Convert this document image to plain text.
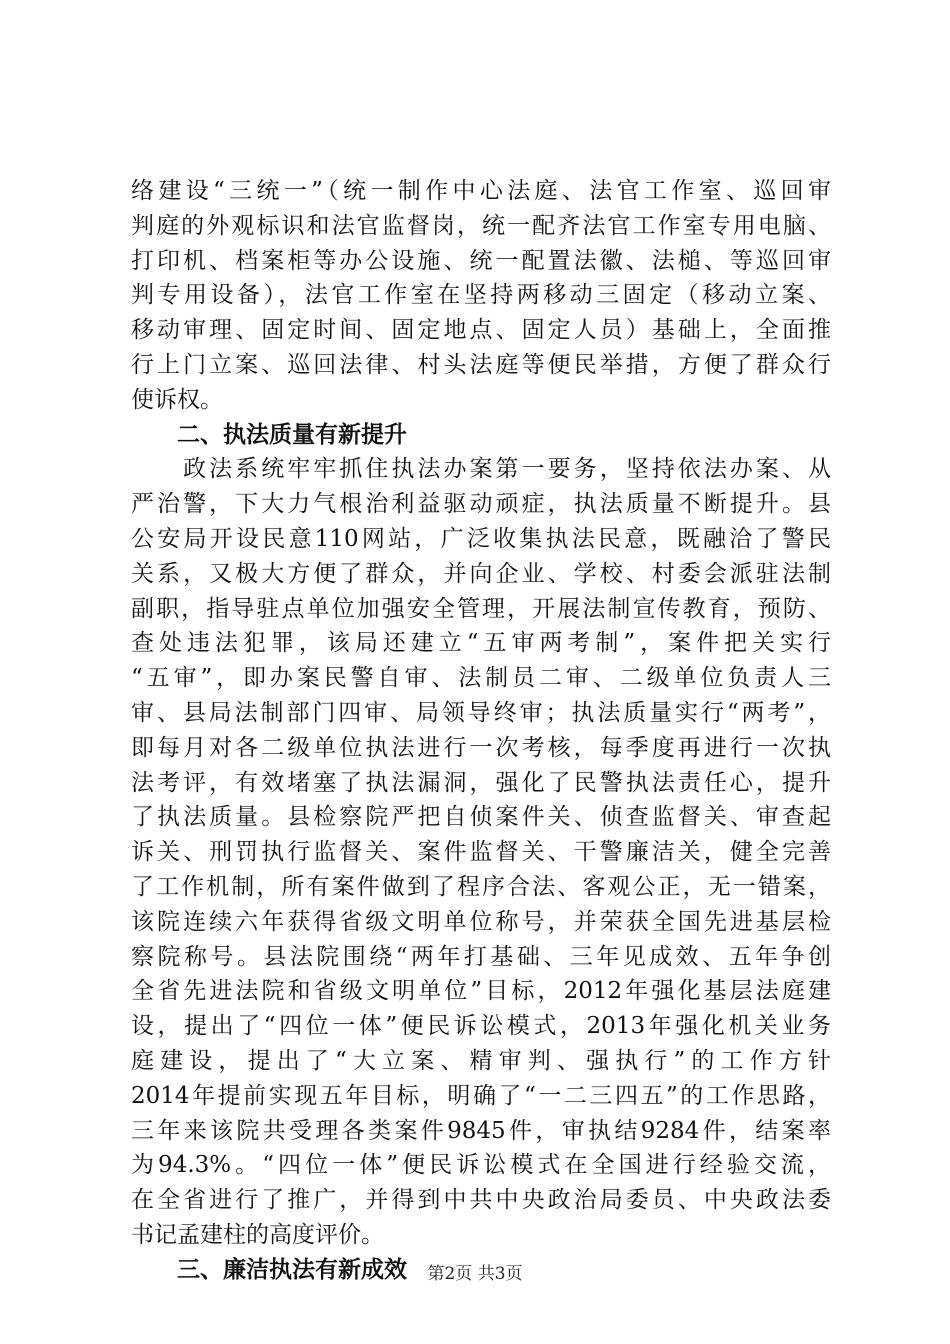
络建设“三统一”（统一制作中心法庭、法官工作室、巡回审
判庭的外观标识和法官监督岗，统一配齐法官工作室专用电脑、
打印机、档案柜等办公设施、统一配置法徽、法槌、等巡回审
判专用设备），法官工作室在坚持两移动三固定（移动立案、
移动审理、固定时间、固定地点、固定人员）基础上，全面推
行上门立案、巡回法律、村头法庭等便民举措，方便了群众行
使诉权。
二、执法质量有新提升
　　政法系统牢牢抓住执法办案第一要务，坚持依法办案、从
严治警，下大力气根治利益驱动顽症，执法质量不断提升。县
公安局开设民意110网站，广泛收集执法民意，既融洽了警民
关系，又极大方便了群众，并向企业、学校、村委会派驻法制
副职，指导驻点单位加强安全管理，开展法制宣传教育，预防、
查处违法犯罪，该局还建立“五审两考制”，案件把关实行
“五审”，即办案民警自审、法制员二审、二级单位负责人三
审、县局法制部门四审、局领导终审；执法质量实行“两考”，
即每月对各二级单位执法进行一次考核，每季度再进行一次执
法考评，有效堵塞了执法漏洞，强化了民警执法责任心，提升
了执法质量。县检察院严把自侦案件关、侦查监督关、审查起
诉关、刑罚执行监督关、案件监督关、干警廉洁关，健全完善
了工作机制，所有案件做到了程序合法、客观公正，无一错案，
该院连续六年获得省级文明单位称号，并荣获全国先进基层检
察院称号。县法院围绕“两年打基础、三年见成效、五年争创
全省先进法院和省级文明单位”目标，2012年强化基层法庭建
设，提出了“四位一体”便民诉讼模式，2013年强化机关业务
庭建设，提出了“大立案、精审判、强执行”的工作方针
2014年提前实现五年目标，明确了“一二三四五”的工作思路，
三年来该院共受理各类案件9845件，审执结9284件，结案率
为94.3%。“四位一体”便民诉讼模式在全国进行经验交流，
在全省进行了推广，并得到中共中央政治局委员、中央政法委
书记孟建柱的高度评价。
三、廉洁执法有新成效	第2页 共3页
